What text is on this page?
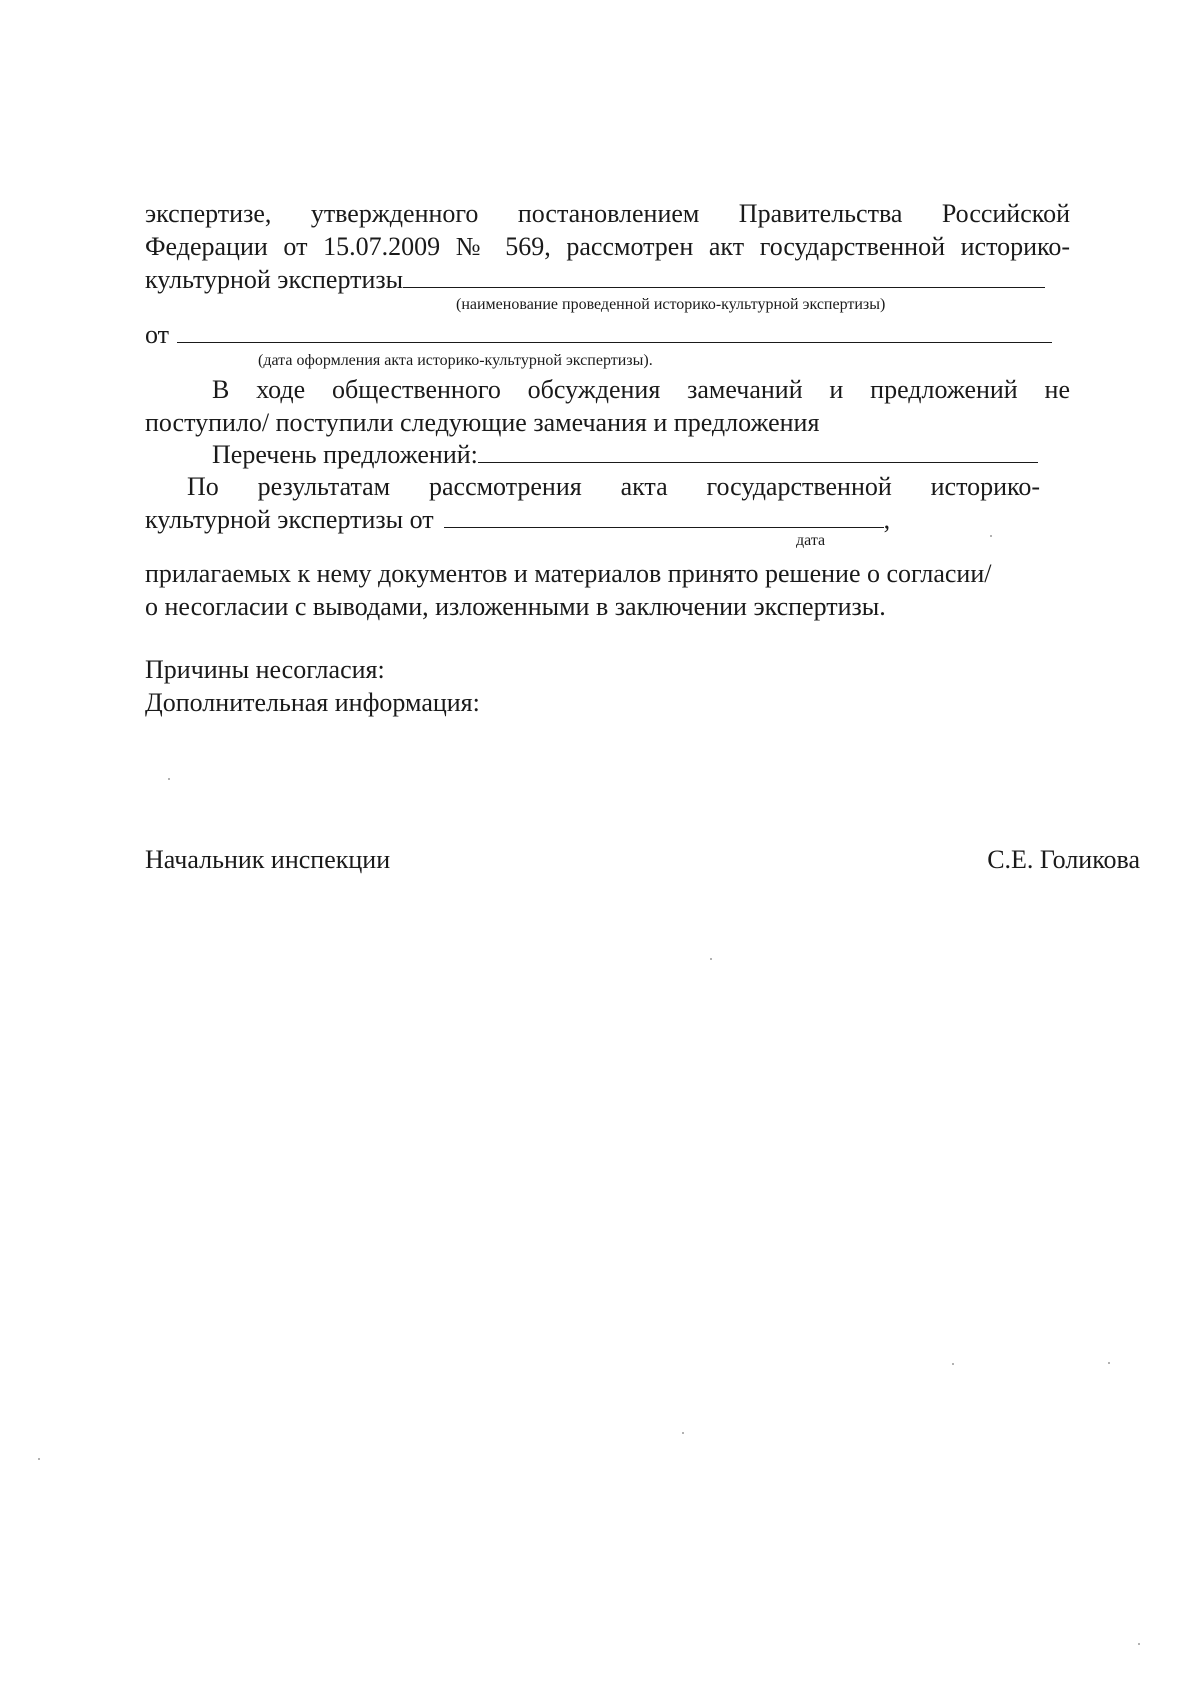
экспертизе, утвержденного постановлением Правительства Российской
Федерации от 15.07.2009 № 569, рассмотрен акт государственной историко-
культурной экспертизы
(наименование проведенной историко-культурной экспертизы)
от
(дата оформления акта историко-культурной экспертизы).
В ходе общественного обсуждения замечаний и предложений не
поступило/ поступили следующие замечания и предложения
Перечень предложений:
По результатам рассмотрения акта государственной историко-
культурной экспертизы от	,
дата
прилагаемых к нему документов и материалов принято решение о согласии/
о несогласии с выводами, изложенными в заключении экспертизы.
Причины несогласия:
Дополнительная информация:
Начальник инспекции	С.Е. Голикова
